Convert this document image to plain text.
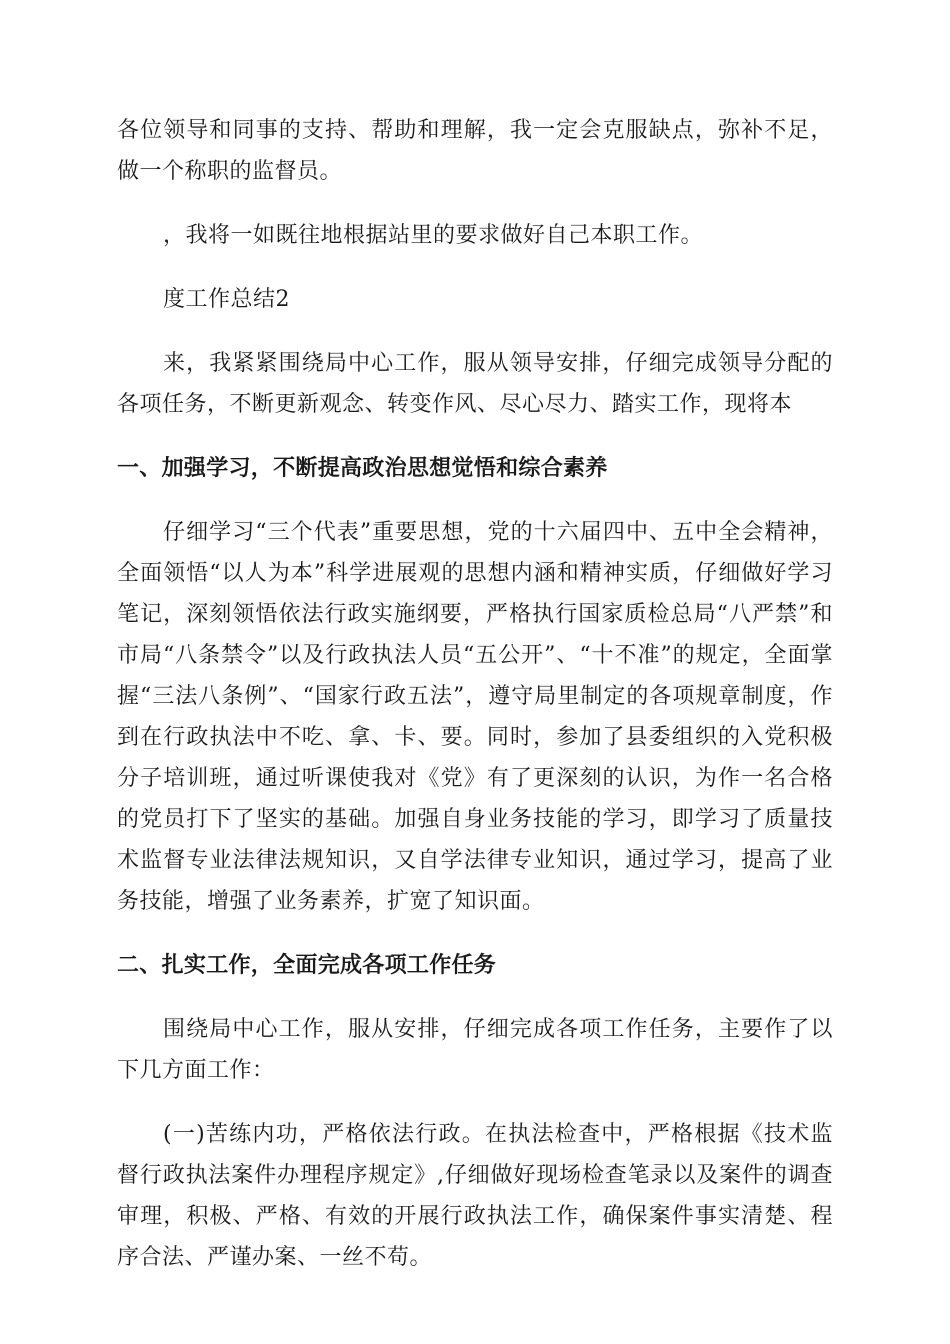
各位领导和同事的支持、帮助和理解，我一定会克服缺点，弥补不足，做一个称职的监督员。

，我将一如既往地根据站里的要求做好自己本职工作。

度工作总结2

来，我紧紧围绕局中心工作，服从领导安排，仔细完成领导分配的各项任务，不断更新观念、转变作风、尽心尽力、踏实工作，现将本

一、加强学习，不断提高政治思想觉悟和综合素养

仔细学习“三个代表”重要思想，党的十六届四中、五中全会精神，全面领悟“以人为本”科学进展观的思想内涵和精神实质，仔细做好学习笔记，深刻领悟依法行政实施纲要，严格执行国家质检总局“八严禁”和市局“八条禁令”以及行政执法人员“五公开”、“十不准”的规定，全面掌握“三法八条例”、“国家行政五法”，遵守局里制定的各项规章制度，作到在行政执法中不吃、拿、卡、要。同时，参加了县委组织的入党积极分子培训班，通过听课使我对《党》有了更深刻的认识，为作一名合格的党员打下了坚实的基础。加强自身业务技能的学习，即学习了质量技术监督专业法律法规知识，又自学法律专业知识，通过学习，提高了业务技能，增强了业务素养，扩宽了知识面。

二、扎实工作，全面完成各项工作任务

围绕局中心工作，服从安排，仔细完成各项工作任务，主要作了以下几方面工作：

(一)苦练内功，严格依法行政。在执法检查中，严格根据《技术监督行政执法案件办理程序规定》,仔细做好现场检查笔录以及案件的调查审理，积极、严格、有效的开展行政执法工作，确保案件事实清楚、程序合法、严谨办案、一丝不苟。
